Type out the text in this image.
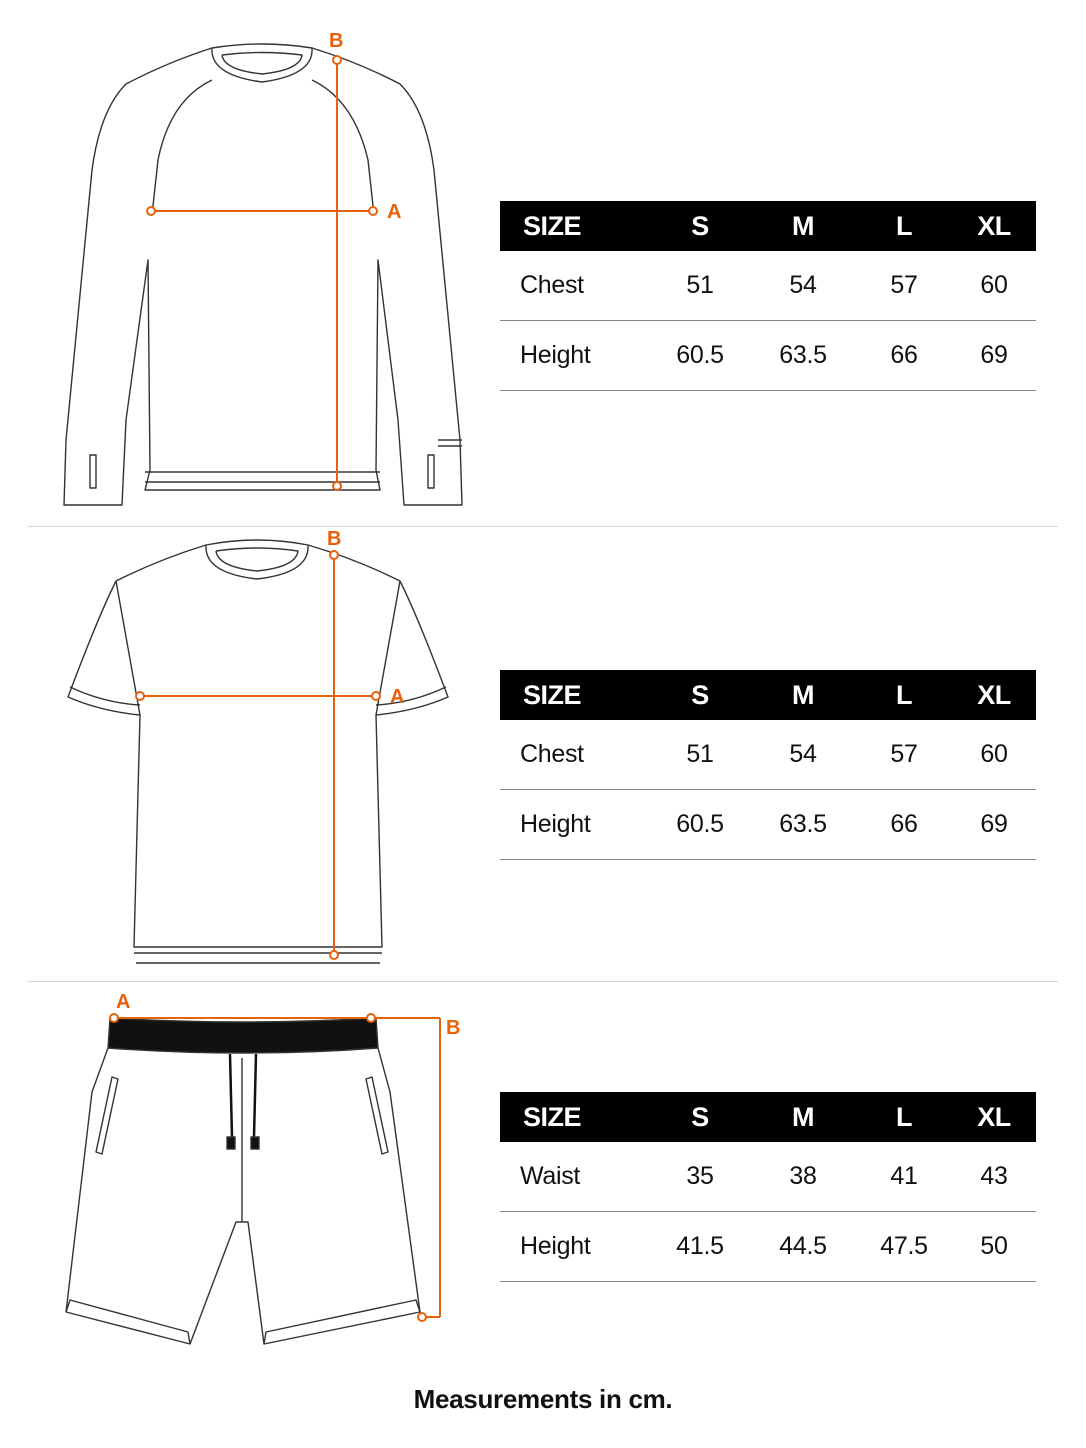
A
B
SIZE	S	M	L	XL
Chest	51	54	57	60
Height	60.5	63.5	66	69
A
B
SIZE	S	M	L	XL
Chest	51	54	57	60
Height	60.5	63.5	66	69
A
B
SIZE	S	M	L	XL
Waist	35	38	41	43
Height	41.5	44.5	47.5	50
Measurements in cm.
